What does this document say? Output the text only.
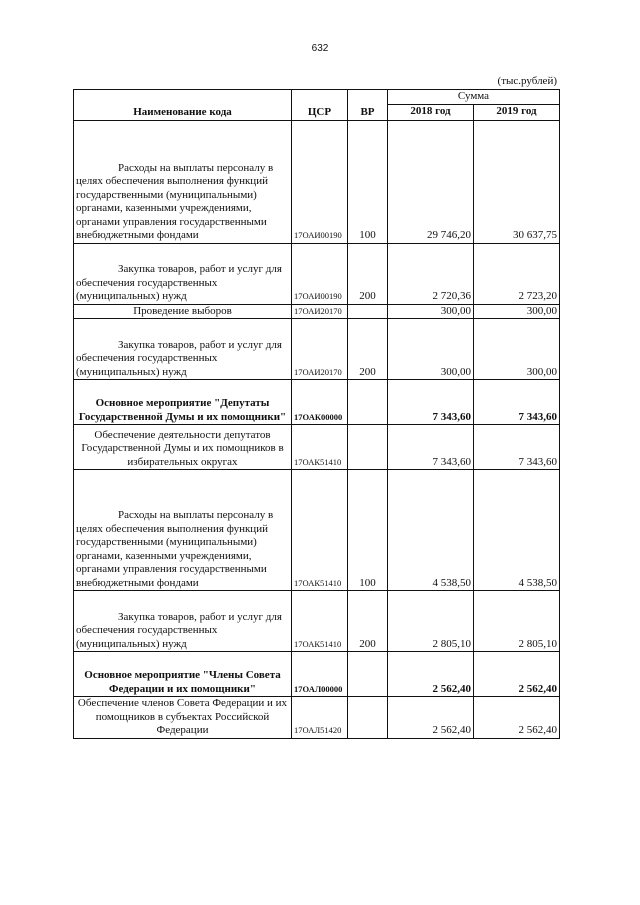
632
(тыс.рублей)
Наименование кода	ЦСР	ВР	Сумма	
			2018 год	2019 год
Расходы на выплаты персоналу в целях обеспечения выполнения функций государственными (муниципальными) органами, казенными учреждениями, органами управления государственными внебюджетными фондами	17ОАИ00190	100	29 746,20	30 637,75
Закупка товаров, работ и услуг для обеспечения государственных (муниципальных) нужд	17ОАИ00190	200	2 720,36	2 723,20
Проведение выборов	17ОАИ20170		300,00	300,00
Закупка товаров, работ и услуг для обеспечения государственных (муниципальных) нужд	17ОАИ20170	200	300,00	300,00
Основное мероприятие "Депутаты Государственной Думы и их помощники"	17ОАК00000		7 343,60	7 343,60
Обеспечение деятельности депутатов Государственной Думы и их помощников в избирательных округах	17ОАК51410		7 343,60	7 343,60
Расходы на выплаты персоналу в целях обеспечения выполнения функций государственными (муниципальными) органами, казенными учреждениями, органами управления государственными внебюджетными фондами	17ОАК51410	100	4 538,50	4 538,50
Закупка товаров, работ и услуг для обеспечения государственных (муниципальных) нужд	17ОАК51410	200	2 805,10	2 805,10
Основное мероприятие "Члены Совета Федерации и их помощники"	17ОАЛ00000		2 562,40	2 562,40
Обеспечение членов Совета Федерации и их помощников в субъектах Российской Федерации	17ОАЛ51420		2 562,40	2 562,40
